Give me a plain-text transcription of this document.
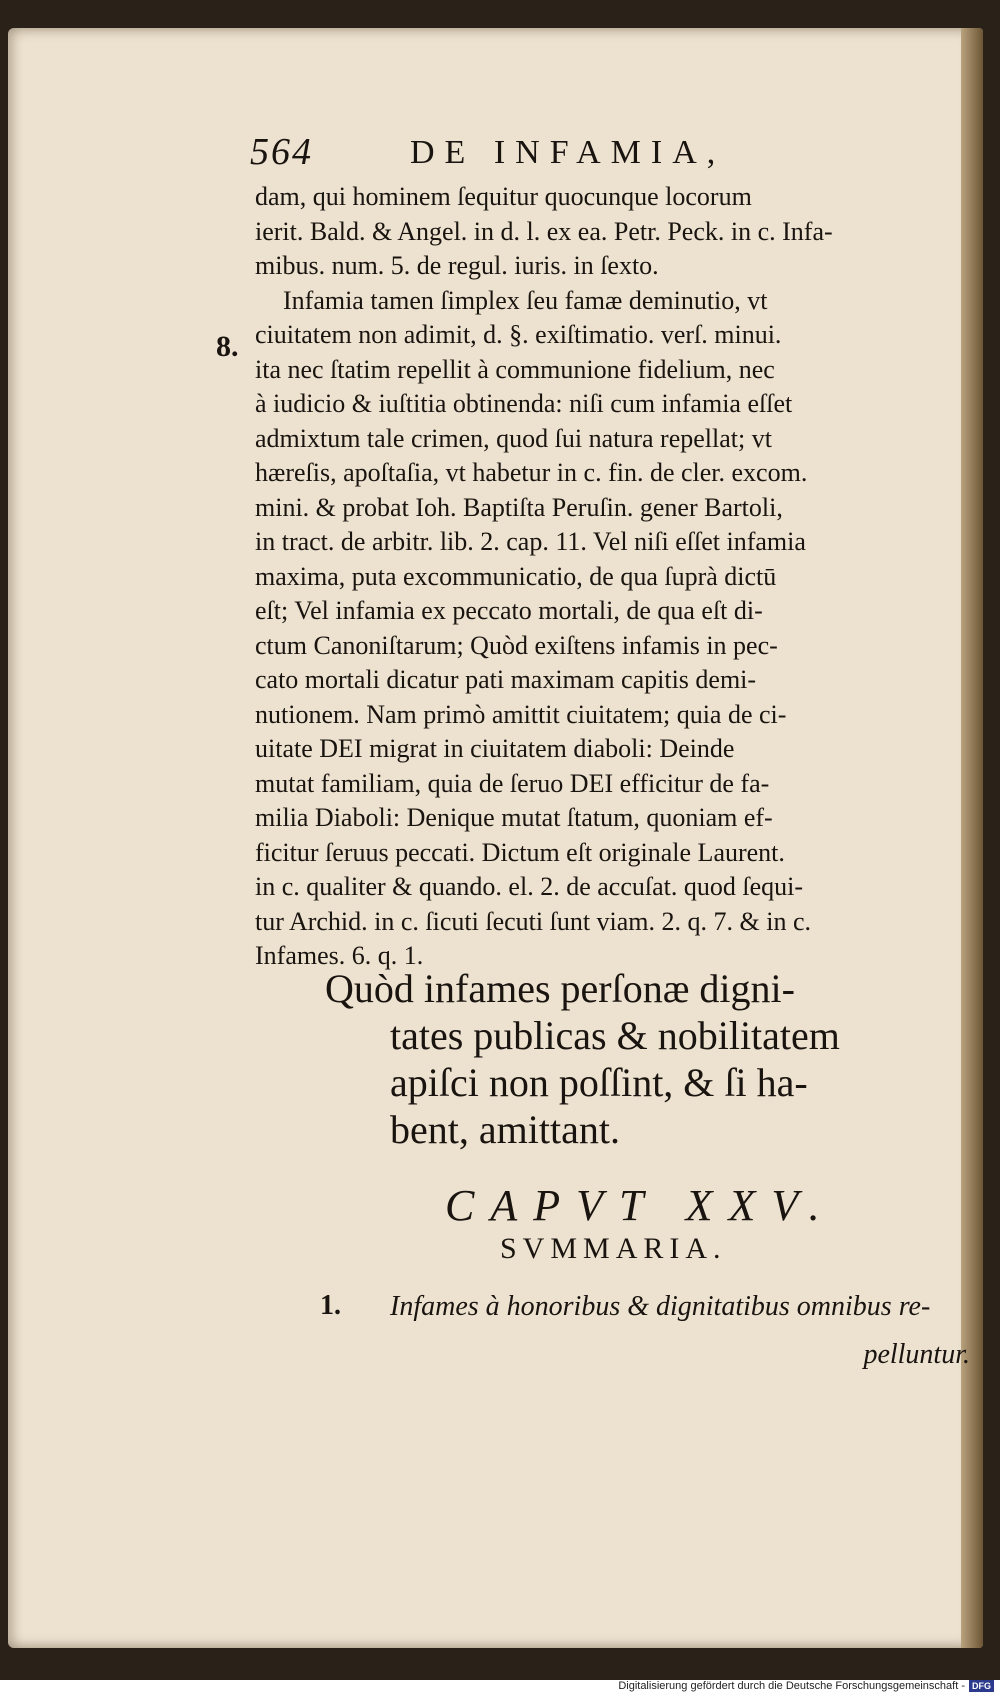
564	DE INFAMIA,
8.
dam, qui hominem ſequitur quocunque locorum
ierit. Bald. & Angel. in d. l. ex ea. Petr. Peck. in c. Infa-
mibus. num. 5. de regul. iuris. in ſexto.
Infamia tamen ſimplex ſeu famæ deminutio, vt
ciuitatem non adimit, d. §. exiſtimatio. verſ. minui.
ita nec ſtatim repellit à communione fidelium, nec
à iudicio & iuſtitia obtinenda: niſi cum infamia eſſet
admixtum tale crimen, quod ſui natura repellat; vt
hæreſis, apoſtaſia, vt habetur in c. fin. de cler. excom.
mini. & probat Ioh. Baptiſta Peruſin. gener Bartoli,
in tract. de arbitr. lib. 2. cap. 11. Vel niſi eſſet infamia
maxima, puta excommunicatio, de qua ſuprà dictū
eſt; Vel infamia ex peccato mortali, de qua eſt di-
ctum Canoniſtarum; Quòd exiſtens infamis in pec-
cato mortali dicatur pati maximam capitis demi-
nutionem. Nam primò amittit ciuitatem; quia de ci-
uitate DEI migrat in ciuitatem diaboli: Deinde
mutat familiam, quia de ſeruo DEI efficitur de fa-
milia Diaboli: Denique mutat ſtatum, quoniam ef-
ficitur ſeruus peccati. Dictum eſt originale Laurent.
in c. qualiter & quando. el. 2. de accuſat. quod ſequi-
tur Archid. in c. ſicuti ſecuti ſunt viam. 2. q. 7. & in c.
Infames. 6. q. 1.
Quòd infames perſonæ digni-
tates publicas & nobilitatem
apiſci non poſſint, & ſi ha-
bent, amittant.
CAPVT XXV.
SVMMARIA.
1. Infames à honoribus & dignitatibus omnibus re-
pelluntur.
Digitalisierung gefördert durch die Deutsche Forschungsgemeinschaft - DFG
